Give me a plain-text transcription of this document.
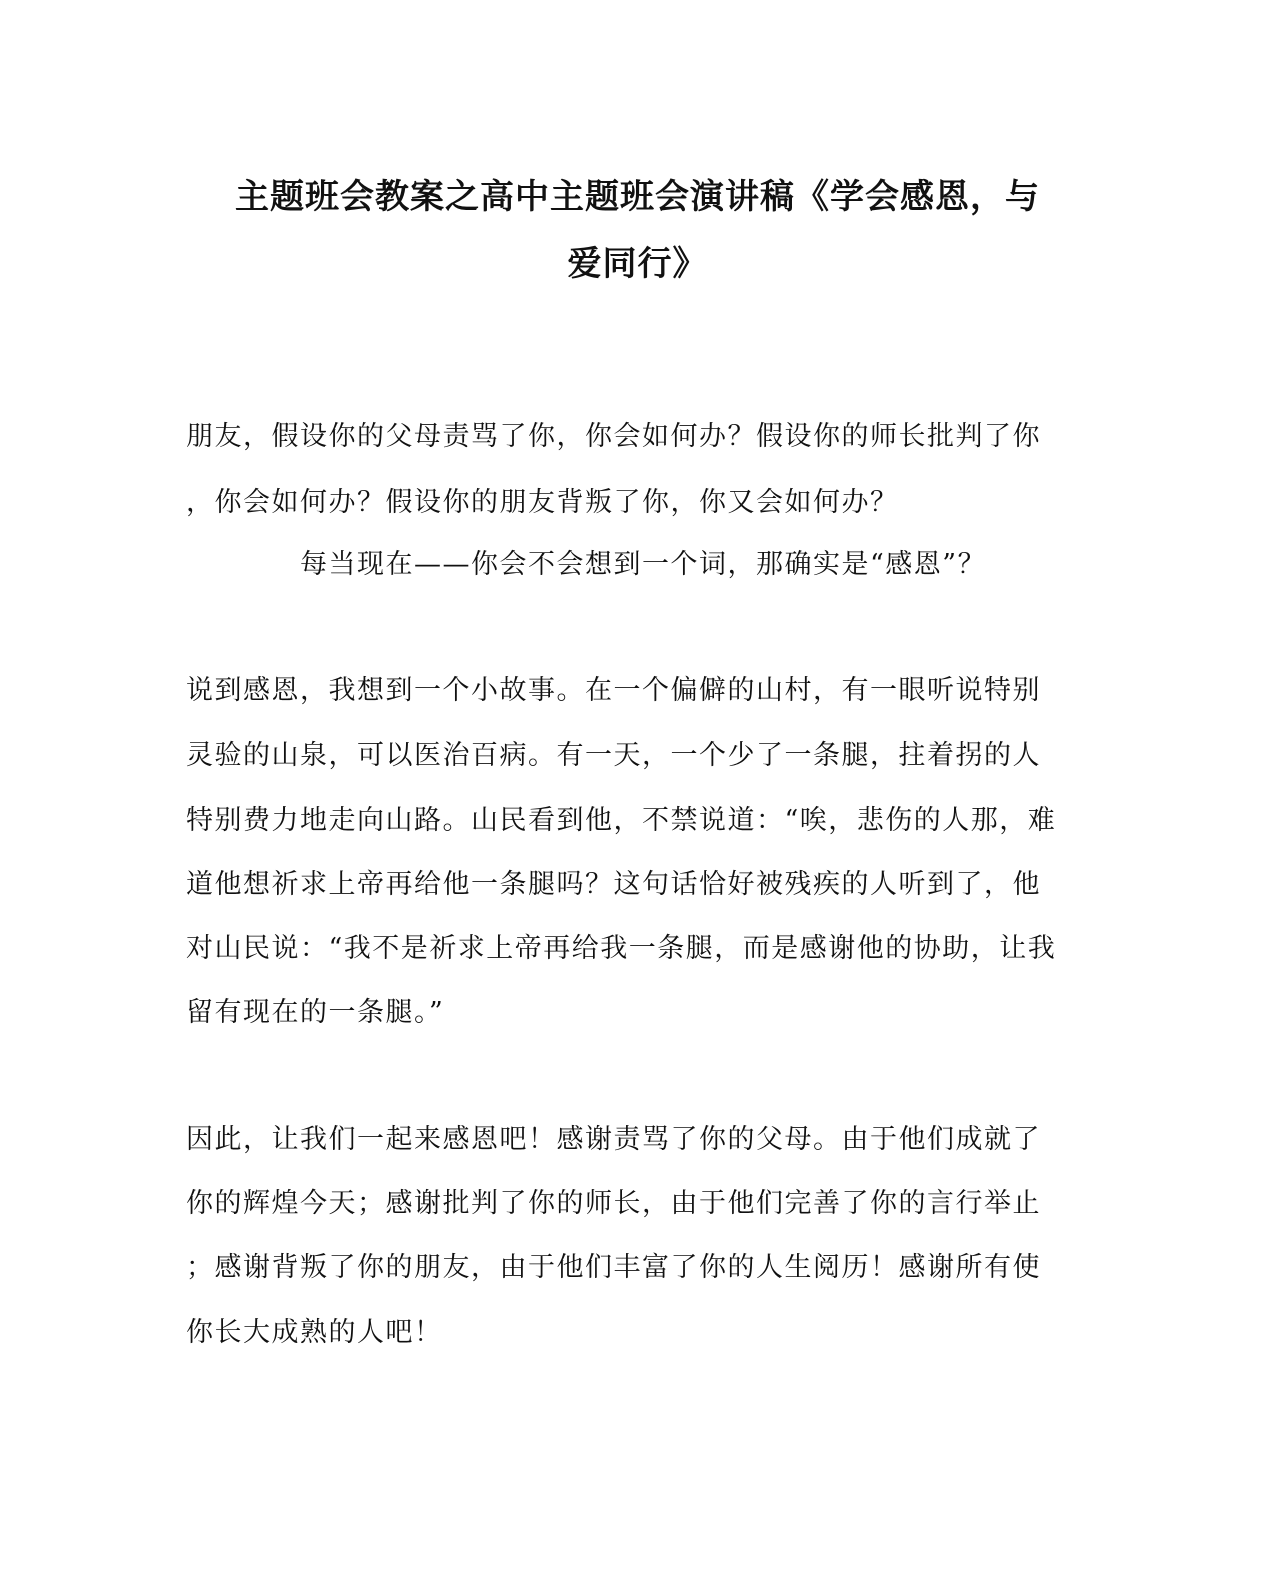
主题班会教案之高中主题班会演讲稿《学会感恩，与
爱同行》
朋友，假设你的父母责骂了你，你会如何办？假设你的师长批判了你
，你会如何办？假设你的朋友背叛了你，你又会如何办？
每当现在——你会不会想到一个词，那确实是“感恩”？
说到感恩，我想到一个小故事。在一个偏僻的山村，有一眼听说特别
灵验的山泉，可以医治百病。有一天，一个少了一条腿，拄着拐的人
特别费力地走向山路。山民看到他，不禁说道：“唉，悲伤的人那，难
道他想祈求上帝再给他一条腿吗？这句话恰好被残疾的人听到了，他
对山民说：“我不是祈求上帝再给我一条腿，而是感谢他的协助，让我
留有现在的一条腿。”
因此，让我们一起来感恩吧！感谢责骂了你的父母。由于他们成就了
你的辉煌今天；感谢批判了你的师长，由于他们完善了你的言行举止
；感谢背叛了你的朋友，由于他们丰富了你的人生阅历！感谢所有使
你长大成熟的人吧！
